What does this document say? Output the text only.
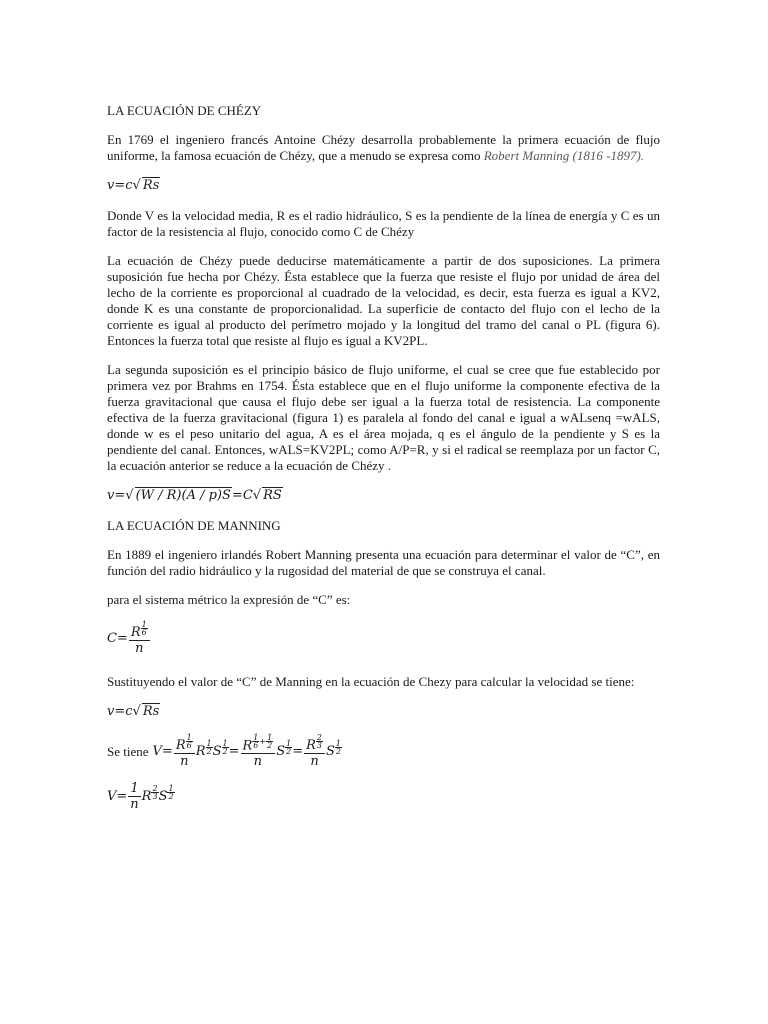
LA ECUACIÓN DE CHÉZY

En 1769 el ingeniero francés Antoine Chézy desarrolla probablemente la primera ecuación de flujo uniforme, la famosa ecuación de Chézy, que a menudo se expresa como Robert Manning (1816 -1897).

v=c√ Rs

Donde V es la velocidad media, R es el radio hidráulico, S es la pendiente de la línea de energía y C es un factor de la resistencia al flujo, conocido como C de Chézy

La ecuación de Chézy puede deducirse matemáticamente a partir de dos suposiciones. La primera suposición fue hecha por Chézy. Ésta establece que la fuerza que resiste el flujo por unidad de área del lecho de la corriente es proporcional al cuadrado de la velocidad, es decir, esta fuerza es igual a KV2, donde K es una constante de proporcionalidad. La superficie de contacto del flujo con el lecho de la corriente es igual al producto del perímetro mojado y la longitud del tramo del canal o PL (figura 6). Entonces la fuerza total que resiste al flujo es igual a KV2PL.

La segunda suposición es el principio básico de flujo uniforme, el cual se cree que fue establecido por primera vez por Brahms en 1754. Ésta establece que en el flujo uniforme la componente efectiva de la fuerza gravitacional que causa el flujo debe ser igual a la fuerza total de resistencia. La componente efectiva de la fuerza gravitacional (figura 1) es paralela al fondo del canal e igual a wALsenq =wALS, donde w es el peso unitario del agua, A es el área mojada, q es el ángulo de la pendiente y S es la pendiente del canal. Entonces, wALS=KV2PL; como A/P=R, y si el radical se reemplaza por un factor C, la ecuación anterior se reduce a la ecuación de Chézy .

v=√ (W / R)(A / p)S=C√ RS
LA ECUACIÓN DE MANNING

En 1889 el ingeniero irlandés Robert Manning presenta una ecuación para determinar el valor de “C”, en función del radio hidráulico y la rugosidad del material de que se construya el canal.

para el sistema métrico la expresión de “C” es:

$C= \frac{R \frac{1}{6}}{n}$

Sustituyendo el valor de “C” de Manning en la ecuación de Chezy para calcular la velocidad se tiene:

v=c√ Rs
Se tiene $V= \frac{R \frac{1}{6}}{n}$ R $\frac{1}{2}$ S $\frac{1}{2} = \frac{R \frac{1}{6} ^+ \frac{1}{2}}{n}$ S $\frac{1}{2} = \frac{R \frac{2}{3}}{n}$ S $\frac{1}{2}$
$V= \frac{1}{n}$ R $\frac{2}{3}$ S $\frac{1}{2}$
